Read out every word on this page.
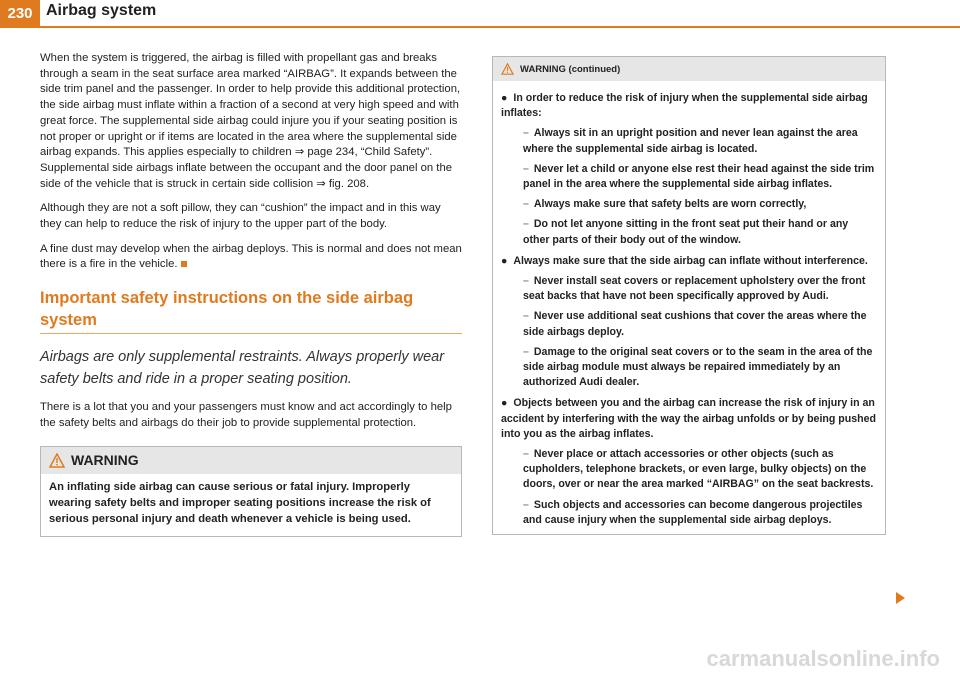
230 Airbag system

When the system is triggered, the airbag is filled with propellant gas and breaks through a seam in the seat surface area marked “AIRBAG”. It expands between the side trim panel and the passenger. In order to help provide this additional protection, the side airbag must inflate within a fraction of a second at very high speed and with great force. The supplemental side airbag could injure you if your seating position is not proper or upright or if items are located in the area where the supplemental side airbag expands. This applies especially to children ⇒ page 234, “Child Safety”. Supplemental side airbags inflate between the occupant and the door panel on the side of the vehicle that is struck in certain side collision ⇒ fig. 208.

Although they are not a soft pillow, they can “cushion” the impact and in this way they can help to reduce the risk of injury to the upper part of the body.

A fine dust may develop when the airbag deploys. This is normal and does not mean there is a fire in the vehicle.

Important safety instructions on the side airbag system
Airbags are only supplemental restraints. Always properly wear safety belts and ride in a proper seating position.

There is a lot that you and your passengers must know and act accordingly to help the safety belts and airbags do their job to provide supplemental protection.

WARNING
An inflating side airbag can cause serious or fatal injury. Improperly wearing safety belts and improper seating positions increase the risk of serious personal injury and death whenever a vehicle is being used.
WARNING (continued)
● In order to reduce the risk of injury when the supplemental side airbag inflates:
– Always sit in an upright position and never lean against the area where the supplemental side airbag is located.
– Never let a child or anyone else rest their head against the side trim panel in the area where the supplemental side airbag inflates.
– Always make sure that safety belts are worn correctly,
– Do not let anyone sitting in the front seat put their hand or any other parts of their body out of the window.
● Always make sure that the side airbag can inflate without interference.
– Never install seat covers or replacement upholstery over the front seat backs that have not been specifically approved by Audi.
– Never use additional seat cushions that cover the areas where the side airbags deploy.
– Damage to the original seat covers or to the seam in the area of the side airbag module must always be repaired immediately by an authorized Audi dealer.
● Objects between you and the airbag can increase the risk of injury in an accident by interfering with the way the airbag unfolds or by being pushed into you as the airbag inflates.
– Never place or attach accessories or other objects (such as cupholders, telephone brackets, or even large, bulky objects) on the doors, over or near the area marked “AIRBAG” on the seat backrests.
– Such objects and accessories can become dangerous projectiles and cause injury when the supplemental side airbag deploys.
carmanualsonline.info
